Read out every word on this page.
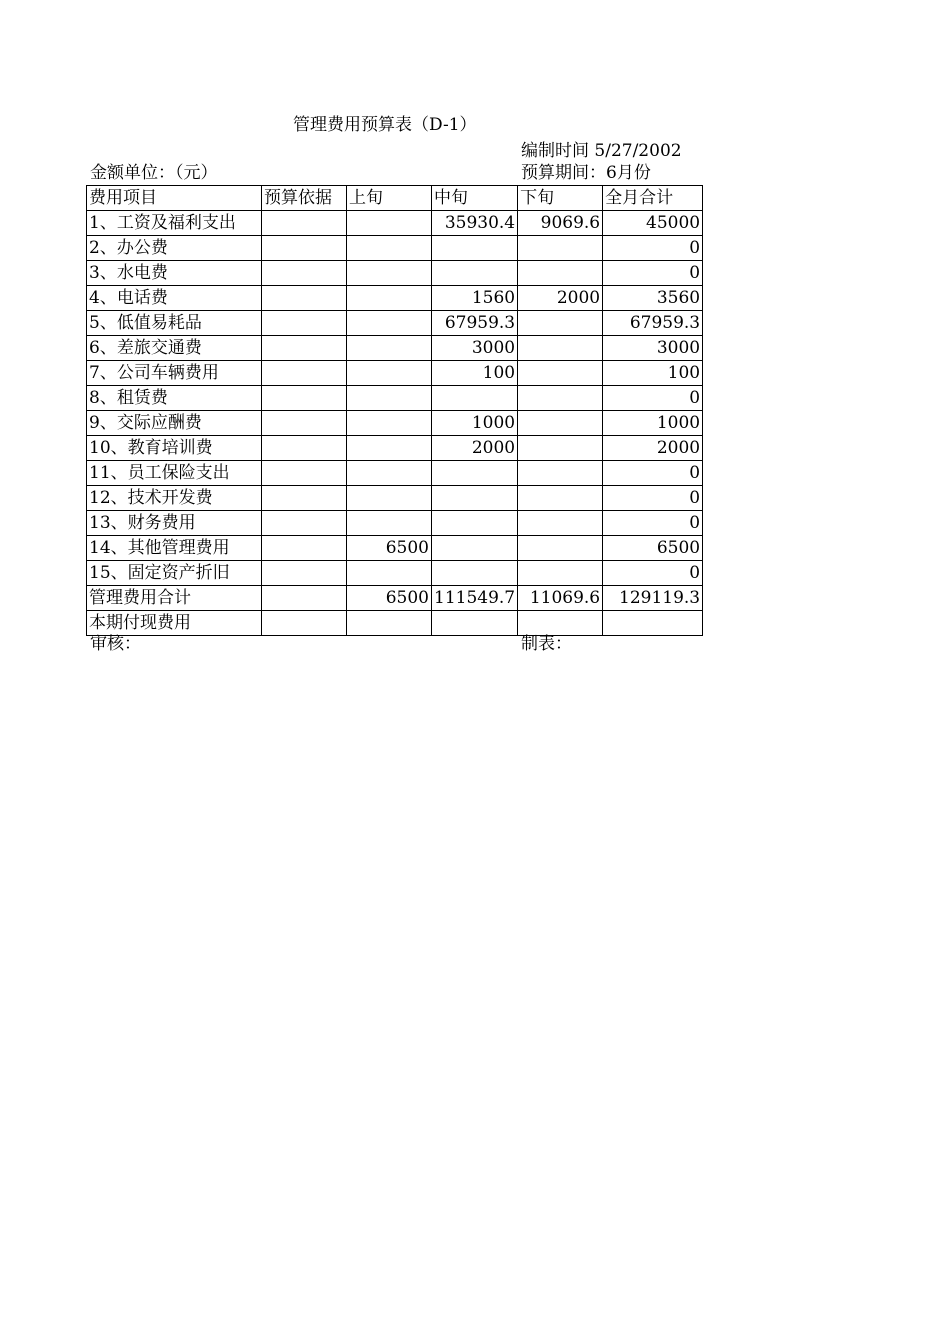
管理费用预算表（D-1）
编制时间 5/27/2002
金额单位：（元）	预算期间：6月份
费用项目	预算依据	上旬	中旬	下旬	全月合计
1、工资及福利支出			35930.4	9069.6	45000
2、办公费					0
3、水电费					0
4、电话费			1560	2000	3560
5、低值易耗品			67959.3		67959.3
6、差旅交通费			3000		3000
7、公司车辆费用			100		100
8、租赁费					0
9、交际应酬费			1000		1000
10、教育培训费			2000		2000
11、员工保险支出					0
12、技术开发费					0
13、财务费用					0
14、其他管理费用		6500			6500
15、固定资产折旧					0
管理费用合计		6500	111549.7	11069.6	129119.3
本期付现费用					
审核：	制表：
